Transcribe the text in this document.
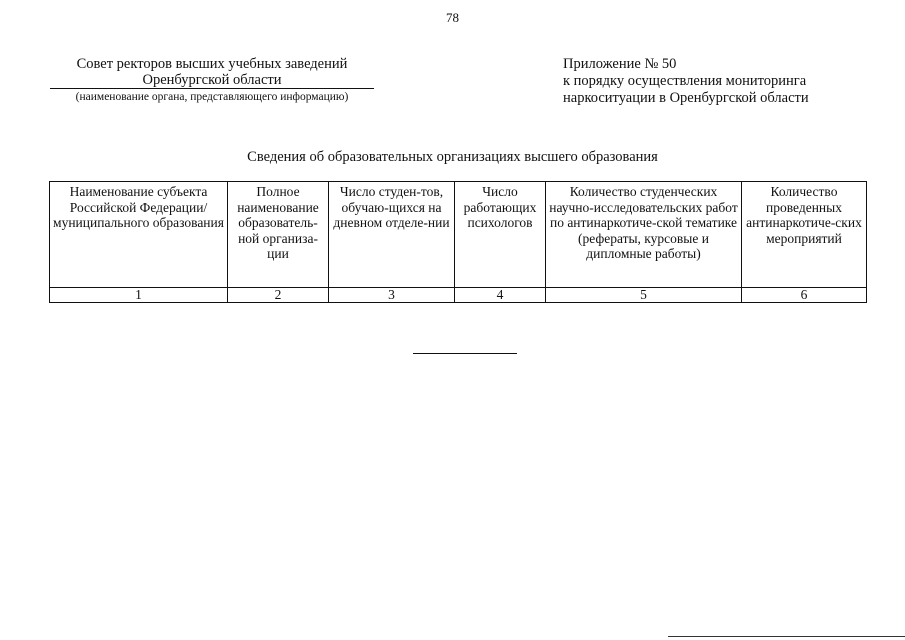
78
Совет ректоров высших учебных заведений
Оренбургской области
(наименование органа, представляющего информацию)
Приложение № 50
к порядку осуществления мониторинга
наркоситуации в Оренбургской области
Сведения об образовательных организациях высшего образования
Наименование субъекта Российской Федерации/ муниципального образования	Полное наименование образователь-ной организа-ции	Число студен-тов, обучаю-щихся на дневном отделе-нии	Число работающих психологов	Количество студенческих научно-исследовательских работ по антинаркотиче-ской тематике (рефераты, курсовые и дипломные работы)	Количество проведенных антинаркотиче-ских мероприятий
1	2	3	4	5	6
